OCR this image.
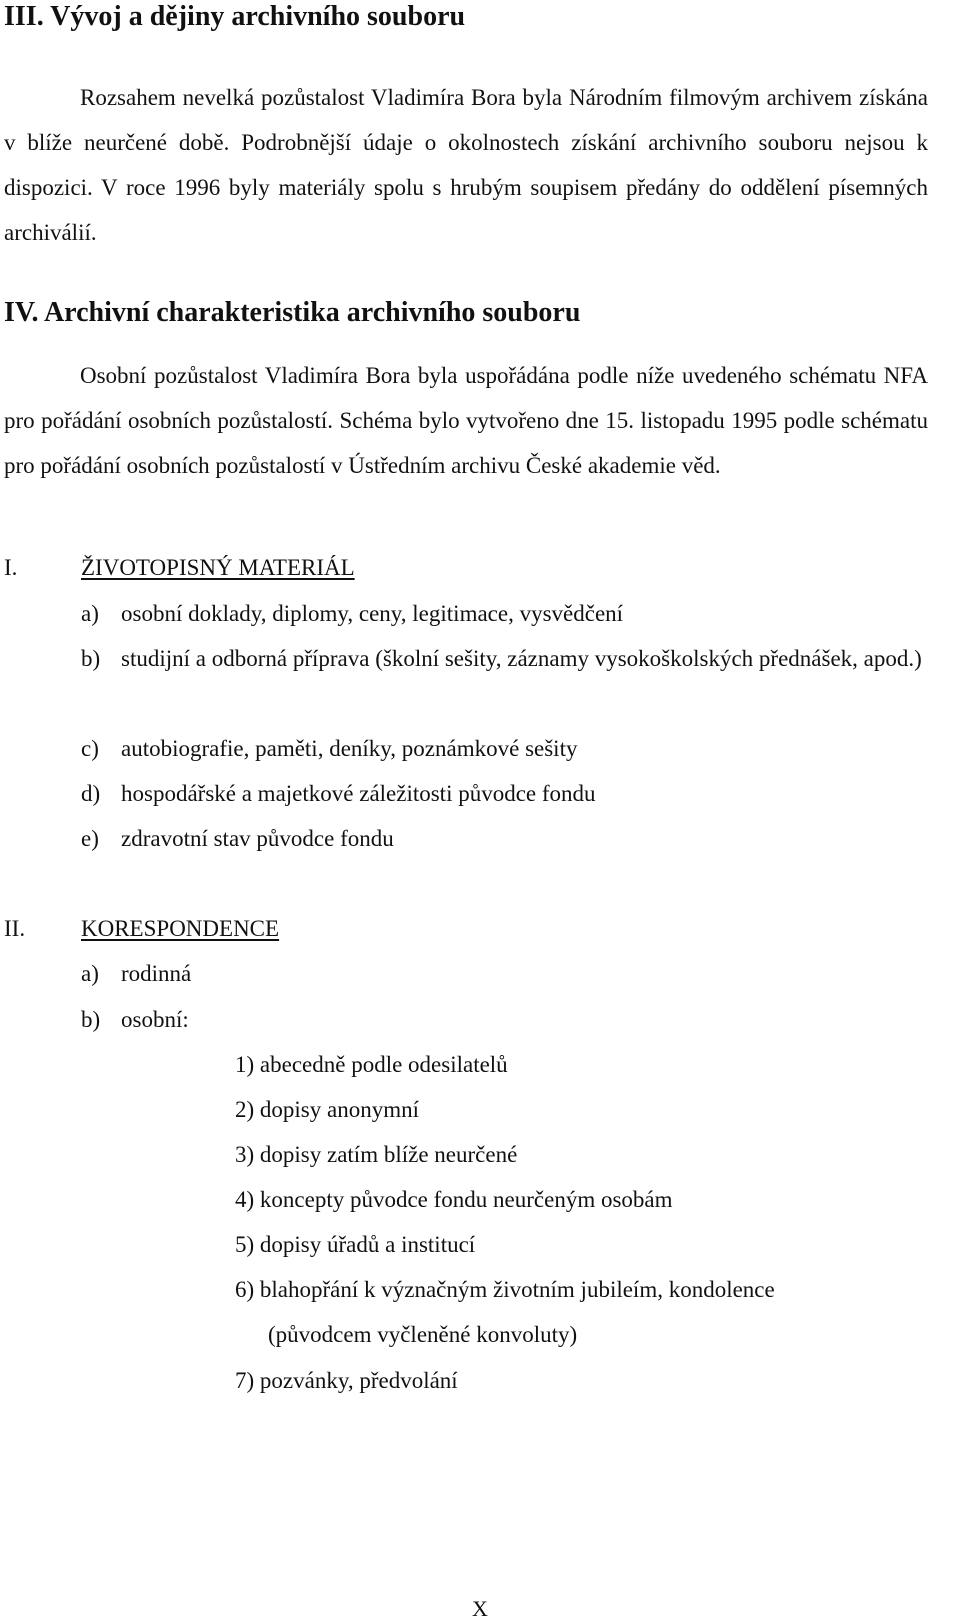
III. Vývoj a dějiny archivního souboru

Rozsahem nevelká pozůstalost Vladimíra Bora byla Národním filmovým archivem získána v blíže neurčené době. Podrobnější údaje o okolnostech získání archivního souboru nejsou k dispozici. V roce 1996 byly materiály spolu s hrubým soupisem předány do oddělení písemných archiválií.

IV. Archivní charakteristika archivního souboru

Osobní pozůstalost Vladimíra Bora byla uspořádána podle níže uvedeného schématu NFA pro pořádání osobních pozůstalostí. Schéma bylo vytvořeno dne 15. listopadu 1995 podle schématu pro pořádání osobních pozůstalostí v Ústředním archivu České akademie věd.

I.	ŽIVOTOPISNÝ MATERIÁL
a) osobní doklady, diplomy, ceny, legitimace, vysvědčení
b) studijní a odborná příprava (školní sešity, záznamy vysokoškolských přednášek, apod.)

c) autobiografie, paměti, deníky, poznámkové sešity
d) hospodářské a majetkové záležitosti původce fondu
e) zdravotní stav původce fondu
II. KORESPONDENCE
a) rodinná
b) osobní:
1) abecedně podle odesilatelů
2) dopisy anonymní
3) dopisy zatím blíže neurčené
4) koncepty původce fondu neurčeným osobám
5) dopisy úřadů a institucí
6) blahopřání k význačným životním jubileím, kondolence
(původcem vyčleněné konvoluty)
7) pozvánky, předvolání
X
